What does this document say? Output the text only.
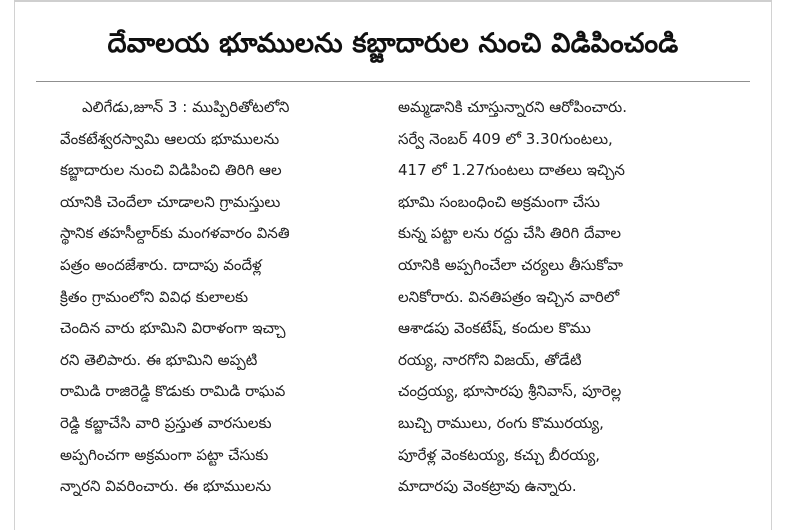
దేవాలయ భూములను కబ్జాదారుల నుంచి విడిపించండి
ఎలిగేడు,జూన్ 3 : ముప్పిరితోటలోని
వేంకటేశ్వరస్వామి ఆలయ భూములను
కబ్జాదారుల నుంచి విడిపించి తిరిగి ఆల
యానికి చెందేలా చూడాలని గ్రామస్తులు
స్థానిక తహసీల్దార్‌కు మంగళవారం వినతి
పత్రం అందజేశారు. దాదాపు వందేళ్ల
క్రితం గ్రామంలోని వివిధ కులాలకు
చెందిన వారు భూమిని విరాళంగా ఇచ్చా
రని తెలిపారు. ఈ భూమిని అప్పటి
రామిడి రాజిరెడ్డి కొడుకు రామిడి రాఘవ
రెడ్డి కబ్జాచేసి వారి ప్రస్తుత వారసులకు
అప్పగించగా అక్రమంగా పట్టా చేసుకు
న్నారని వివరించారు. ఈ భూములను
అమ్మడానికి చూస్తున్నారని ఆరోపించారు.
సర్వే నెంబర్ 409 లో 3.30గుంటలు,
417 లో 1.27గుంటలు దాతలు ఇచ్చిన
భూమి సంబంధించి అక్రమంగా చేసు
కున్న పట్టా లను రద్దు చేసి తిరిగి దేవాల
యానికి అప్పగించేలా చర్యలు తీసుకోవా
లనికోరారు. వినతిపత్రం ఇచ్చిన వారిలో
ఆశాడపు వెంకటేష్, కందుల కొము
రయ్య, నారగోని విజయ్, తోడేటి
చంద్రయ్య, భూసారపు శ్రీనివాస్, పూరెల్ల
బుచ్చి రాములు, రంగు కొమురయ్య,
పూరేళ్ల వెంకటయ్య, కచ్చు బీరయ్య,
మాదారపు వెంకట్రావు ఉన్నారు.
